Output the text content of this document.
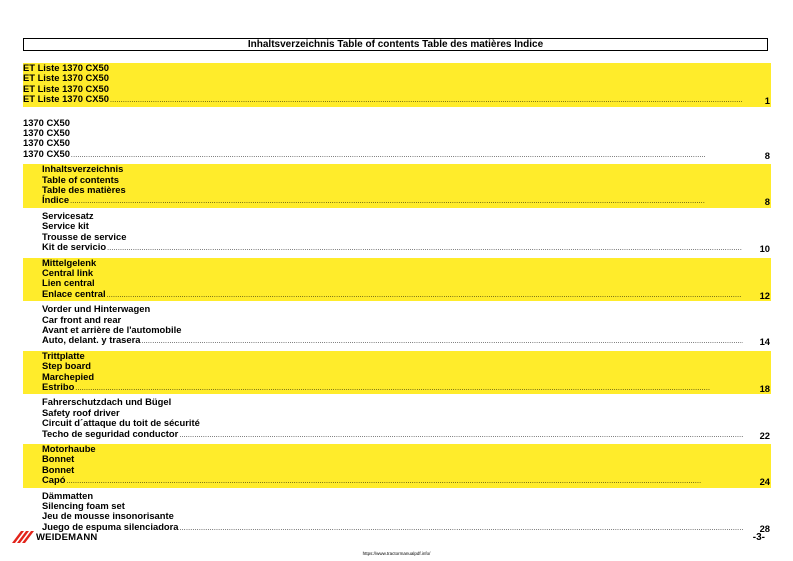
Inhaltsverzeichnis Table of contents Table des matières Índice
ET Liste 1370 CX50
ET Liste 1370 CX50
ET Liste 1370 CX50
ET Liste 1370 CX50 .....	1
1370 CX50
1370 CX50
1370 CX50
1370 CX50 .....	8
Inhaltsverzeichnis
Table of contents
Table des matières
Índice .....	8
Servicesatz
Service kit
Trousse de service
Kit de servicio .....	10
Mittelgelenk
Central link
Lien central
Enlace central .....	12
Vorder und Hinterwagen
Car front and rear
Avant et arrière de l'automobile
Auto, delant. y trasera .....	14
Trittplatte
Step board
Marchepied
Estribo .....	18
Fahrerschutzdach und Bügel
Safety roof driver
Circuit d´attaque du toit de sécurité
Techo de seguridad conductor .....	22
Motorhaube
Bonnet
Bonnet
Capó .....	24
Dämmatten
Silencing foam set
Jeu de mousse insonorisante
Juego de espuma silenciadora .....	28
WEIDEMANN	-3-
https://www.tractormanualpdf.info/
